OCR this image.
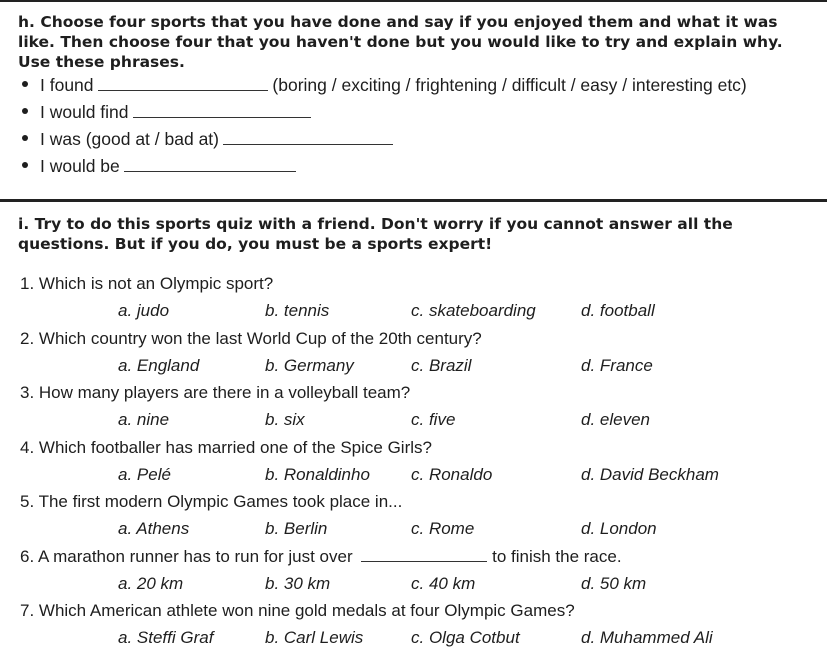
h. Choose four sports that you have done and say if you enjoyed them and what it was like. Then choose four that you haven't done but you would like to try and explain why. Use these phrases.
I found	(boring / exciting / frightening / difficult / easy / interesting etc)
I would find
I was (good at / bad at)
I would be
i. Try to do this sports quiz with a friend. Don't worry if you cannot answer all the questions. But if you do, you must be a sports expert!
1. Which is not an Olympic sport?
a. judo	b. tennis	c. skateboarding	d. football
2. Which country won the last World Cup of the 20th century?
a. England	b. Germany	c. Brazil	d. France
3. How many players are there in a volleyball team?
a. nine	b. six	c. five	d. eleven
4. Which footballer has married one of the Spice Girls?
a. Pelé	b. Ronaldinho c. Ronaldo	d. David Beckham
5. The first modern Olympic Games took place in...
a. Athens	b. Berlin	c. Rome	d. London
6. A marathon runner has to run for just over	to finish the race.
a. 20 km	b. 30 km	c. 40 km	d. 50 km
7. Which American athlete won nine gold medals at four Olympic Games?
a. Steffi Graf	b. Carl Lewis	c. Olga Cotbut	d. Muhammed Ali
